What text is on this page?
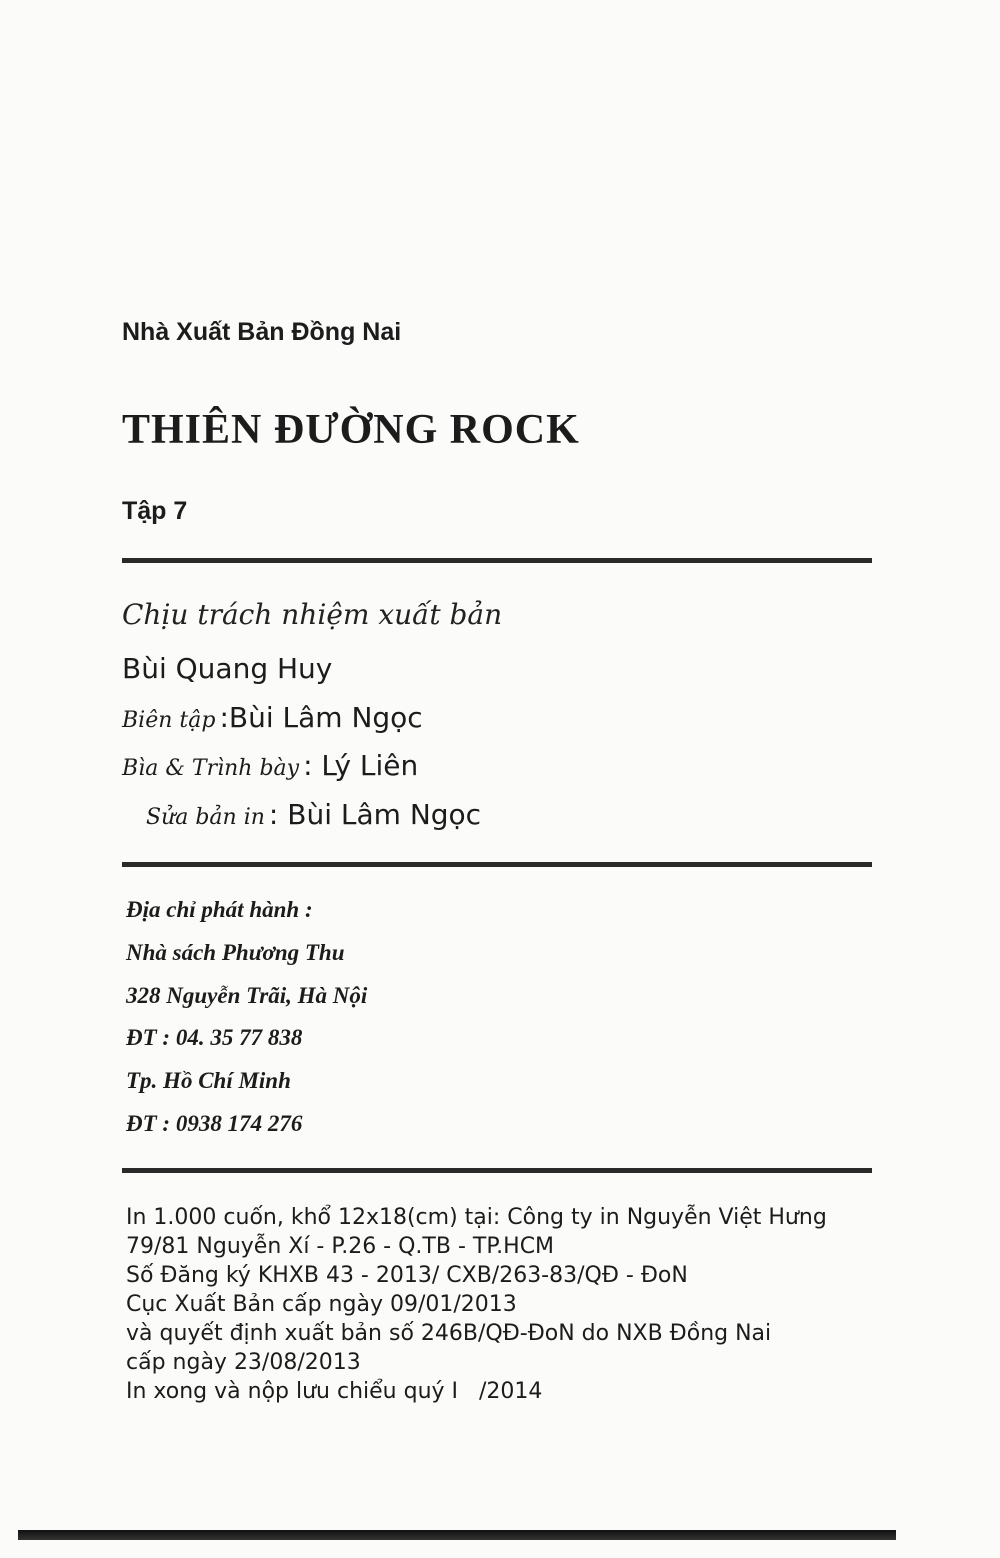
Nhà Xuất Bản Đồng Nai
THIÊN ĐƯỜNG ROCK
Tập 7
Chịu trách nhiệm xuất bản
Bùi Quang Huy
Biên tập :Bùi Lâm Ngọc
Bìa & Trình bày : Lý Liên
Sửa bản in : Bùi Lâm Ngọc
Địa chỉ phát hành :
Nhà sách Phương Thu
328 Nguyễn Trãi, Hà Nội
ĐT : 04. 35 77 838
Tp. Hồ Chí Minh
ĐT : 0938 174 276
In 1.000 cuốn, khổ 12x18(cm) tại: Công ty in Nguyễn Việt Hưng
79/81 Nguyễn Xí - P.26 - Q.TB - TP.HCM
Số Đăng ký KHXB 43 - 2013/ CXB/263-83/QĐ - ĐoN
Cục Xuất Bản cấp ngày 09/01/2013
và quyết định xuất bản số 246B/QĐ-ĐoN do NXB Đồng Nai
cấp ngày 23/08/2013
In xong và nộp lưu chiểu quý I   /2014
